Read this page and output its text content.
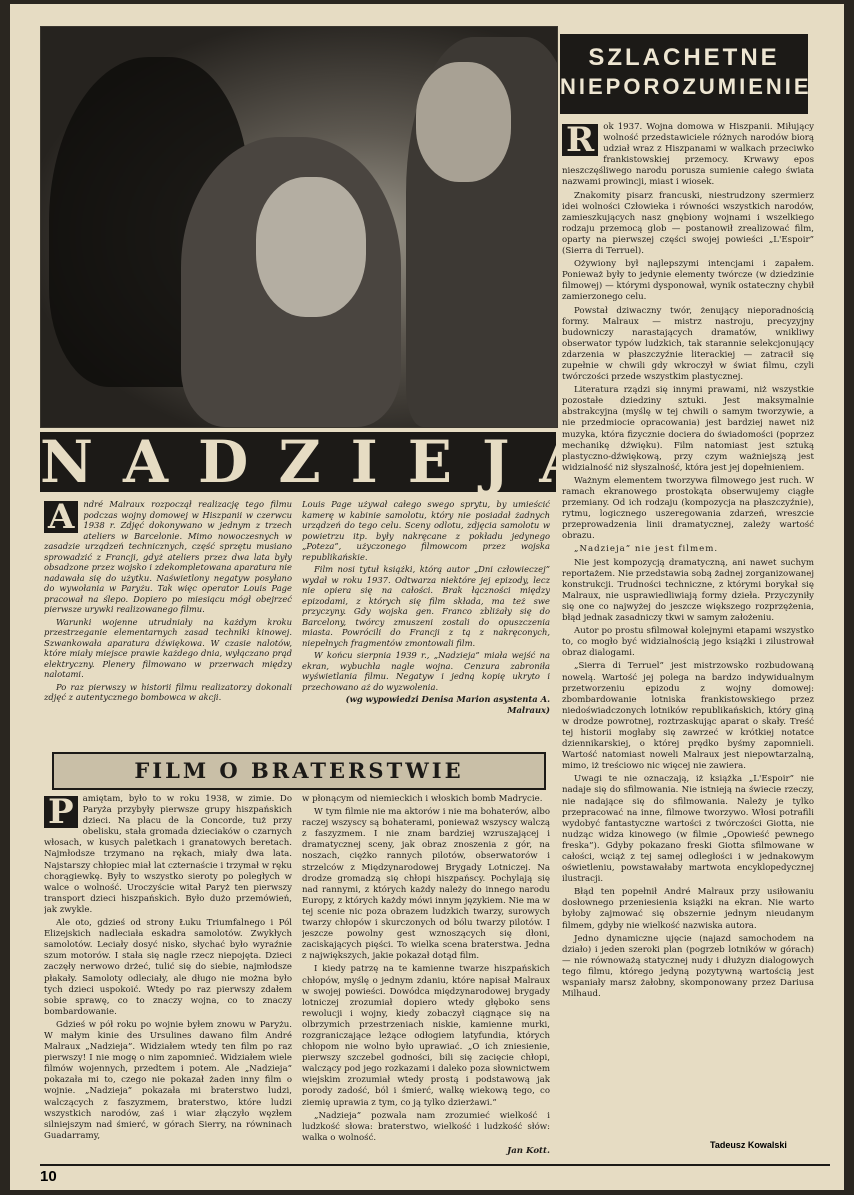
SZLACHETNE
NIEPOROZUMIENIE
NADZIEJA
R	ok 1937. Wojna domowa w Hiszpanii. Miłujący wolność przedstawiciele różnych narodów biorą udział wraz z Hiszpanami w walkach przeciwko frankistowskiej przemocy. Krwawy epos nieszczęśliwego narodu porusza sumienie całego świata nazwami prowincji, miast i wiosek.

Znakomity pisarz francuski, niestrudzony szermierz idei wolności Człowieka i równości wszystkich narodów, zamieszkujących nasz gnębiony wojnami i wszelkiego rodzaju przemocą glob — postanowił zrealizować film, oparty na pierwszej części swojej powieści „L'Espoir” (Sierra di Terruel).

Ożywiony był najlepszymi intencjami i zapałem. Ponieważ były to jedynie elementy twórcze (w dziedzinie filmowej) — którymi dysponował, wynik ostateczny chybił zamierzonego celu.

Powstał dziwaczny twór, żenujący nieporadnością formy. Malraux — mistrz nastroju, precyzyjny budowniczy narastających dramatów, wnikliwy obserwator typów ludzkich, tak starannie selekcjonujący zdarzenia w płaszczyźnie literackiej — zatracił się zupełnie w chwili gdy wkroczył w świat filmu, czyli twórczości przede wszystkim plastycznej.

Literatura rządzi się innymi prawami, niż wszystkie pozostałe dziedziny sztuki. Jest maksymalnie abstrakcyjna (myślę w tej chwili o samym tworzywie, a nie przedmiocie opracowania) jest bardziej nawet niż muzyka, która fizycznie dociera do świadomości (poprzez mechanikę dźwięku). Film natomiast jest sztuką plastyczno-dźwiękową, przy czym ważniejszą jest widzialność niż słyszalność, która jest jej dopełnieniem.

Ważnym elementem tworzywa filmowego jest ruch. W ramach ekranowego prostokąta obserwujemy ciągłe przemiany. Od ich rodzaju (kompozycja na płaszczyźnie), rytmu, logicznego uszeregowania zdarzeń, wreszcie przeprowadzenia linii dramatycznej, zależy wartość obrazu.

„Nadzieja” nie jest filmem.

Nie jest kompozycją dramatyczną, ani nawet suchym reportażem. Nie przedstawia sobą żadnej zorganizowanej konstrukcji. Trudności techniczne, z którymi borykał się Malraux, nie usprawiedliwiają formy dzieła. Przyczyniły się one co najwyżej do jeszcze większego rozprzężenia, błąd jednak zasadniczy tkwi w samym założeniu.

Autor po prostu sfilmował kolejnymi etapami wszystko to, co mogło być widzialnością jego książki i zilustrował obraz dialogami.

„Sierra di Terruel” jest mistrzowsko rozbudowaną nowelą. Wartość jej polega na bardzo indywidualnym przetworzeniu epizodu z wojny domowej: zbombardowanie lotniska frankistowskiego przez niedoświadczonych lotników republikańskich, który giną w drodze powrotnej, roztrzaskując aparat o skały. Treść tej historii mogłaby się zawrzeć w krótkiej notatce dziennikarskiej, o której prędko byśmy zapomnieli. Wartość natomiast noweli Malraux jest niepowtarzalną, mimo, iż treściowo nic więcej nie zawiera.

Uwagi te nie oznaczają, iż książka „L'Espoir” nie nadaje się do sfilmowania. Nie istnieją na świecie rzeczy, nie nadające się do sfilmowania. Należy je tylko przepracować na inne, filmowe tworzywo. Włosi potrafili wydobyć fantastyczne wartości z twórczości Giotta, nie nudząc widza kinowego (w filmie „Opowieść pewnego freska”). Gdyby pokazano freski Giotta sfilmowane w całości, wciąż z tej samej odległości i w jednakowym oświetleniu, powstawałaby martwota encyklopedycznej ilustracji.

Błąd ten popełnił André Malraux przy usiłowaniu dosłownego przeniesienia książki na ekran. Nie warto byłoby zajmować się obszernie jednym nieudanym filmem, gdyby nie wielkość nazwiska autora.

Jedno dynamiczne ujęcie (najazd samochodem na działo) i jeden szeroki plan (pogrzeb lotników w górach) — nie równoważą statycznej nudy i dłużyzn dialogowych tego filmu, którego jedyną pozytywną wartością jest wspaniały marsz żałobny, skomponowany przez Dariusa Milhaud.

Tadeusz Kowalski
A	ndré Malraux rozpoczął realizację tego filmu podczas wojny domowej w Hiszpanii w czerwcu 1938 r. Zdjęć dokonywano w jednym z trzech ateliers w Barcelonie. Mimo nowoczesnych w zasadzie urządzeń technicznych, część sprzętu musiano sprowadzić z Francji, gdyż ateliers przez dwa lata były obsadzone przez wojsko i zdekompletowana aparatura nie nadawała się do użytku. Naświetlony negatyw posyłano do wywołania w Paryżu. Tak więc operator Louis Page pracował na ślepo. Dopiero po miesiącu mógł obejrzeć pierwsze urywki realizowanego filmu.

Warunki wojenne utrudniały na każdym kroku przestrzeganie elementarnych zasad techniki kinowej. Szwankowała aparatura dźwiękowa. W czasie nalotów, które miały miejsce prawie każdego dnia, wyłączano prąd elektryczny. Plenery filmowano w przerwach między nalotami.

Po raz pierwszy w historii filmu realizatorzy dokonali zdjęć z autentycznego bombowca w akcji.

Louis Page używał całego swego sprytu, by umieścić kamerę w kabinie samolotu, który nie posiadał żadnych urządzeń do tego celu. Sceny odlotu, zdjęcia samolotu w powietrzu itp. były nakręcane z pokładu jedynego „Poteza”, użyczonego filmowcom przez wojska republikańskie.

Film nosi tytuł książki, którą autor „Dni człowieczej” wydał w roku 1937. Odtwarza niektóre jej epizody, lecz nie opiera się na całości. Brak łączności między epizodami, z których się film składa, ma też swe przyczyny. Gdy wojska gen. Franco zbliżały się do Barcelony, twórcy zmuszeni zostali do opuszczenia miasta. Powrócili do Francji z tą z nakręconych, niepełnych fragmentów zmontowali film.

W końcu sierpnia 1939 r., „Nadzieja” miała wejść na ekran, wybuchła nagle wojna. Cenzura zabroniła wyświetlania filmu. Negatyw i jedną kopię ukryto i przechowano aż do wyzwolenia.

(wg wypowiedzi Denisa Marion asystenta A. Malraux)

FILM O BRATERSTWIE
P	amiętam, było to w roku 1938, w zimie. Do Paryża przybyły pierwsze grupy hiszpańskich dzieci. Na placu de la Concorde, tuż przy obelisku, stała gromada dzieciaków o czarnych włosach, w kusych paletkach i granatowych beretach. Najmłodsze trzymano na rękach, miały dwa lata. Najstarszy chłopiec miał lat czternaście i trzymał w ręku chorągiewkę. Były to wszystko sieroty po poległych w walce o wolność. Uroczyście witał Paryż ten pierwszy transport dzieci hiszpańskich. Było dużo przemówień, jak zwykle.

Ale oto, gdzieś od strony Łuku Triumfalnego i Pól Elizejskich nadleciała eskadra samolotów. Zwykłych samolotów. Leciały dosyć nisko, słychać było wyraźnie szum motorów. I stała się nagle rzecz niepojęta. Dzieci zaczęły nerwowo drżeć, tulić się do siebie, najmłodsze płakały. Samoloty odleciały, ale długo nie można było tych dzieci uspokoić. Wtedy po raz pierwszy zdałem sobie sprawę, co to znaczy wojna, co to znaczy bombardowanie.

Gdzieś w pół roku po wojnie byłem znowu w Paryżu. W małym kinie des Ursulines dawano film André Malraux „Nadzieja”. Widziałem wtedy ten film po raz pierwszy! I nie mogę o nim zapomnieć. Widziałem wiele filmów wojennych, przedtem i potem. Ale „Nadzieja” pokazała mi to, czego nie pokazał żaden inny film o wojnie. „Nadzieja” pokazała mi braterstwo ludzi, walczących z faszyzmem, braterstwo, które ludzi wszystkich narodów, zaś i wiar złączyło węzłem silniejszym nad śmierć, w górach Sierry, na równinach Guadarramy,

w płonącym od niemieckich i włoskich bomb Madrycie.

W tym filmie nie ma aktorów i nie ma bohaterów, albo raczej wszyscy są bohaterami, ponieważ wszyscy walczą z faszyzmem. I nie znam bardziej wzruszającej i dramatycznej sceny, jak obraz znoszenia z gór, na noszach, ciężko rannych pilotów, obserwatorów i strzelców z Międzynarodowej Brygady Lotniczej. Na drodze gromadzą się chłopi hiszpańscy. Pochylają się nad rannymi, z których każdy należy do innego narodu Europy, z których każdy mówi innym językiem. Nie ma w tej scenie nic poza obrazem ludzkich twarzy, surowych twarzy chłopów i skurczonych od bólu twarzy pilotów. I jeszcze powolny gest wznoszących się dłoni, zaciskających pięści. To wielka scena braterstwa. Jedna z największych, jakie pokazał dotąd film.

I kiedy patrzę na te kamienne twarze hiszpańskich chłopów, myślę o jednym zdaniu, które napisał Malraux w swojej powieści. Dowódca międzynarodowej brygady lotniczej zrozumiał dopiero wtedy głęboko sens rewolucji i wojny, kiedy zobaczył ciągnące się na olbrzymich przestrzeniach niskie, kamienne murki, rozgraniczające leżące odłogiem latyfundia, których chłopom nie wolno było uprawiać. „O ich zniesienie, pierwszy szczebel godności, bili się zacięcie chłopi, walczący pod jego rozkazami i daleko poza słownictwem wiejskim zrozumiał wtedy prostą i podstawową jak porody zadość, ból i śmierć, walkę wiekową tego, co ziemię uprawia z tym, co ją tylko dzierżawi.”

„Nadzieja” pozwala nam zrozumieć wielkość i ludzkość słowa: braterstwo, wielkość i ludzkość słów: walka o wolność.

Jan Kott.

10
